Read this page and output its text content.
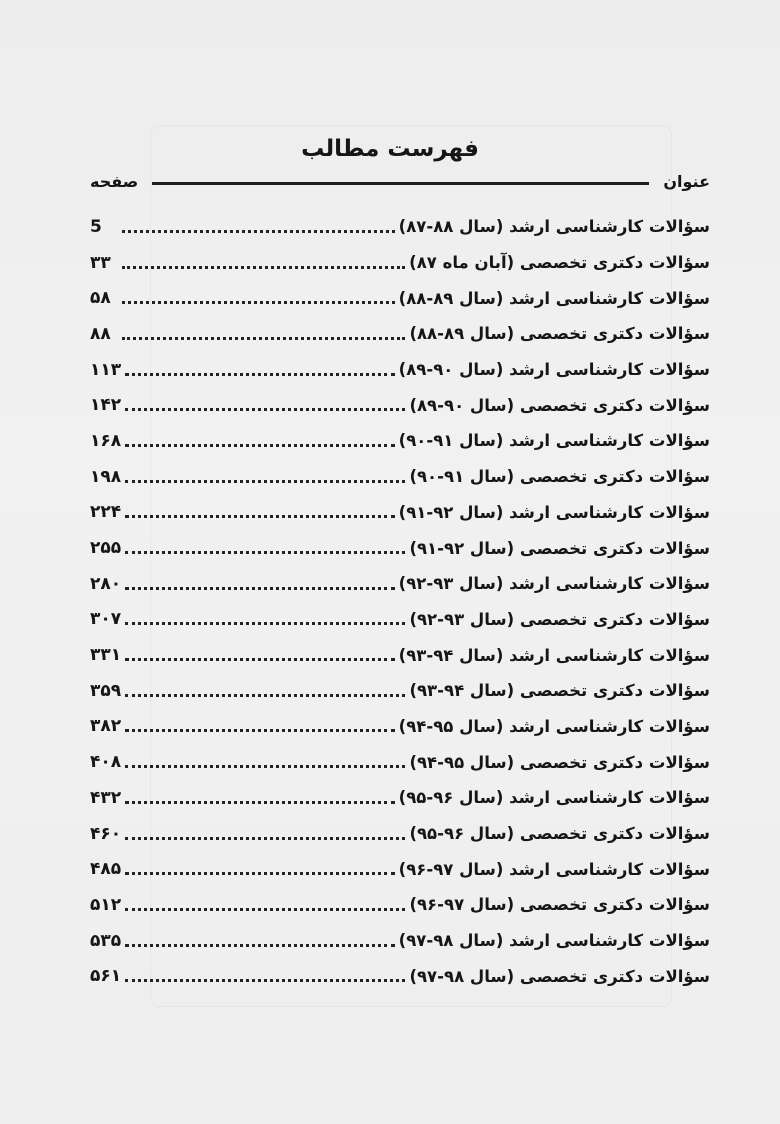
فهرست مطالب
صفحه	عنوان
سؤالات کارشناسی ارشد (سال ۸۸-۸۷)
5
سؤالات دکتری تخصصی (آبان ماه ۸۷)
۳۳
سؤالات کارشناسی ارشد (سال ۸۹-۸۸)
۵۸
سؤالات دکتری تخصصی (سال ۸۹-۸۸)
۸۸
سؤالات کارشناسی ارشد (سال ۹۰-۸۹)
۱۱۳
سؤالات دکتری تخصصی (سال ۹۰-۸۹)
۱۴۲
سؤالات کارشناسی ارشد (سال ۹۱-۹۰)
۱۶۸
سؤالات دکتری تخصصی (سال ۹۱-۹۰)
۱۹۸
سؤالات کارشناسی ارشد (سال ۹۲-۹۱)
۲۲۴
سؤالات دکتری تخصصی (سال ۹۲-۹۱)
۲۵۵
سؤالات کارشناسی ارشد (سال ۹۳-۹۲)
۲۸۰
سؤالات دکتری تخصصی (سال ۹۳-۹۲)
۳۰۷
سؤالات کارشناسی ارشد (سال ۹۴-۹۳)
۳۳۱
سؤالات دکتری تخصصی (سال ۹۴-۹۳)
۳۵۹
سؤالات کارشناسی ارشد (سال ۹۵-۹۴)
۳۸۲
سؤالات دکتری تخصصی (سال ۹۵-۹۴)
۴۰۸
سؤالات کارشناسی ارشد (سال ۹۶-۹۵)
۴۳۲
سؤالات دکتری تخصصی (سال ۹۶-۹۵)
۴۶۰
سؤالات کارشناسی ارشد (سال ۹۷-۹۶)
۴۸۵
سؤالات دکتری تخصصی (سال ۹۷-۹۶)
۵۱۲
سؤالات کارشناسی ارشد (سال ۹۸-۹۷)
۵۳۵
سؤالات دکتری تخصصی (سال ۹۸-۹۷)
۵۶۱
